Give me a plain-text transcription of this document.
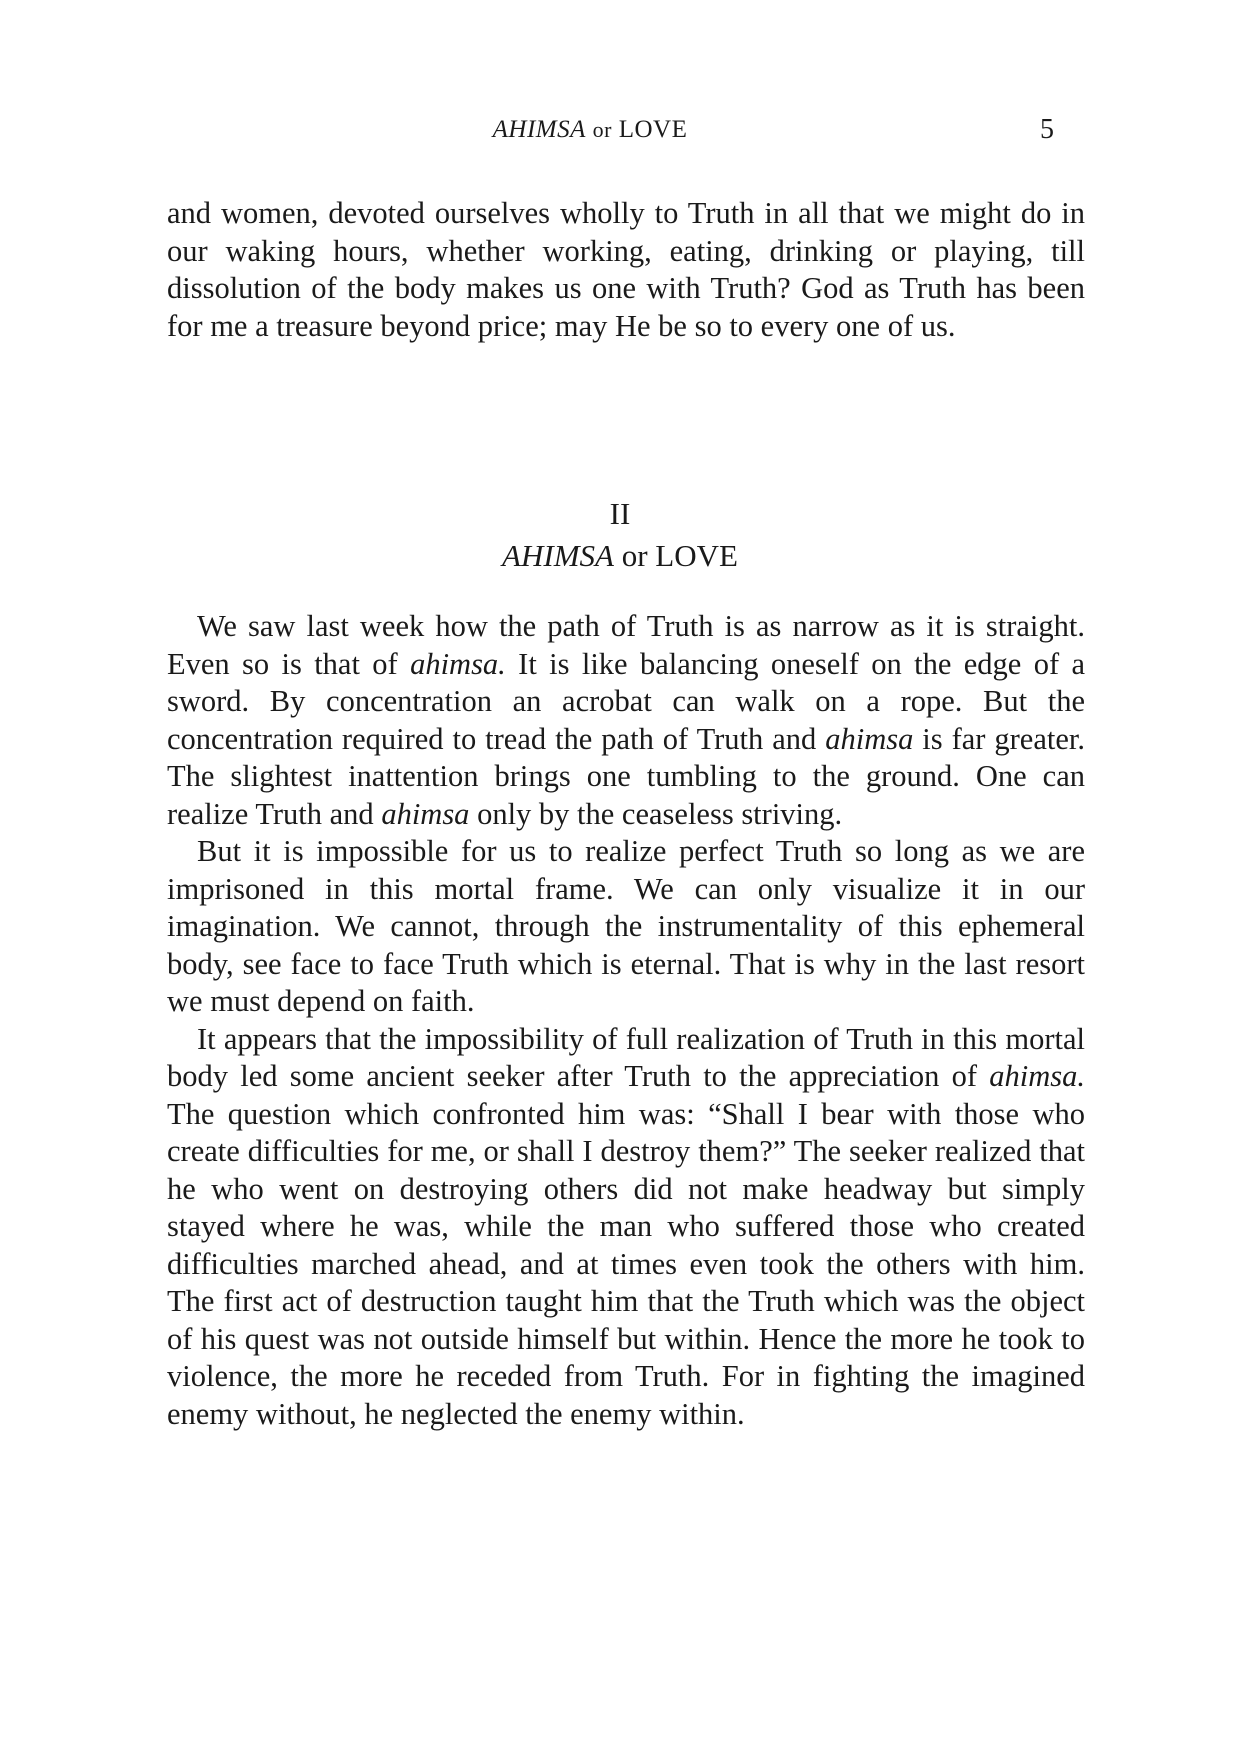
AHIMSA or LOVE	5

and women, devoted ourselves wholly to Truth in all that we might do in our waking hours, whether working, eating, drinking or playing, till dissolution of the body makes us one with Truth? God as Truth has been for me a treasure beyond price; may He be so to every one of us.

II
AHIMSA or LOVE

We saw last week how the path of Truth is as narrow as it is straight. Even so is that of ahimsa. It is like balancing oneself on the edge of a sword. By concentration an acrobat can walk on a rope. But the concentration required to tread the path of Truth and ahimsa is far greater. The slightest inattention brings one tumbling to the ground. One can realize Truth and ahimsa only by the ceaseless striving.

But it is impossible for us to realize perfect Truth so long as we are imprisoned in this mortal frame. We can only visualize it in our imagination. We cannot, through the instrumentality of this ephemeral body, see face to face Truth which is eternal. That is why in the last resort we must depend on faith.

It appears that the impossibility of full realization of Truth in this mortal body led some ancient seeker after Truth to the appreciation of ahimsa. The question which confronted him was: “Shall I bear with those who create difficulties for me, or shall I destroy them?” The seeker realized that he who went on destroying others did not make headway but simply stayed where he was, while the man who suffered those who created difficulties marched ahead, and at times even took the others with him. The first act of destruction taught him that the Truth which was the object of his quest was not outside himself but within. Hence the more he took to violence, the more he receded from Truth. For in fighting the imagined enemy without, he neglected the enemy within.
